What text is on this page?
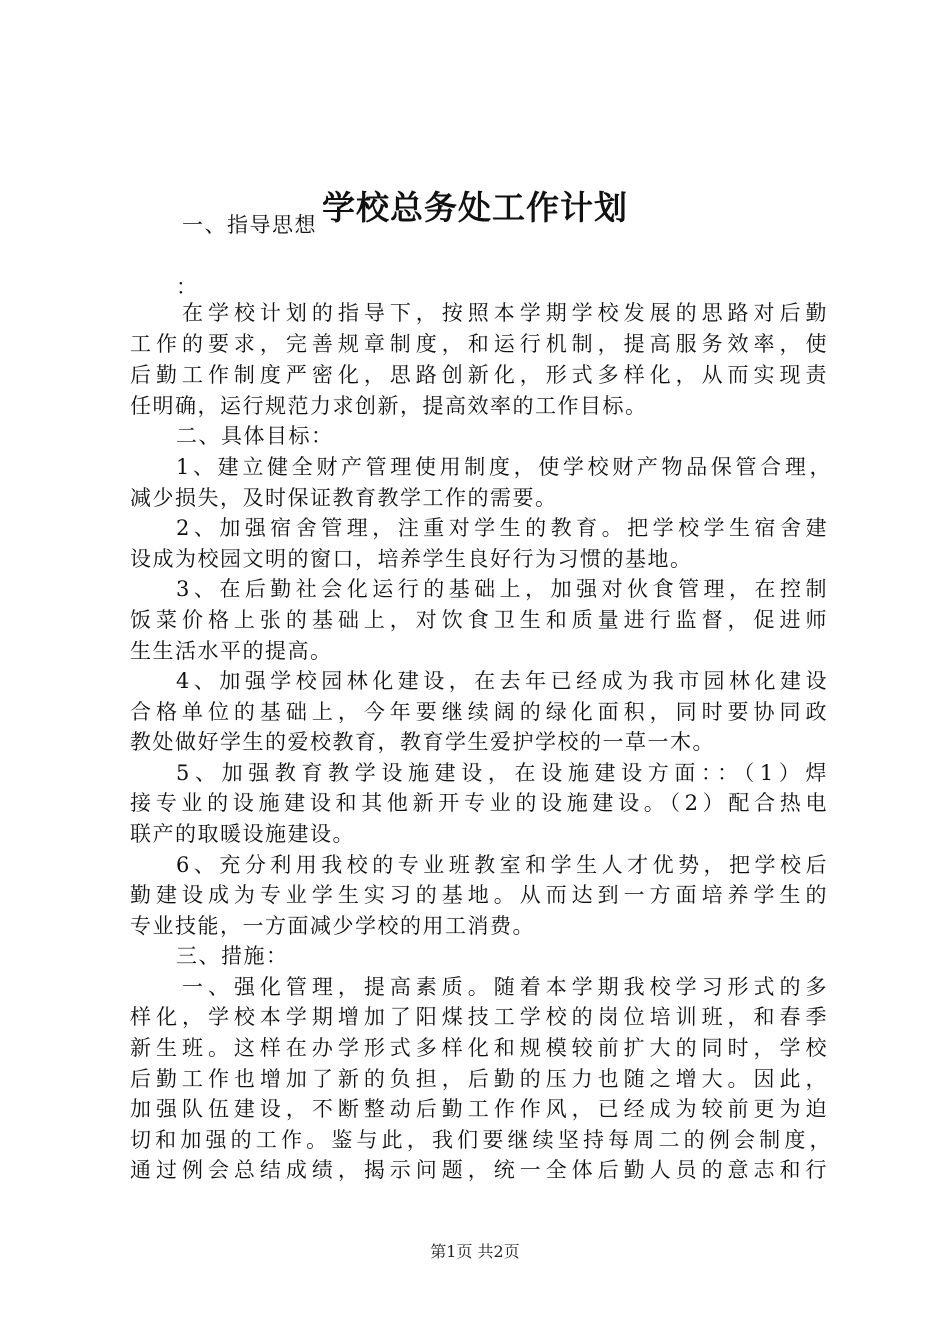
学校总务处工作计划
一、指导思想
：
在学校计划的指导下，按照本学期学校发展的思路对后勤
工作的要求，完善规章制度，和运行机制，提高服务效率，使
后勤工作制度严密化，思路创新化，形式多样化，从而实现责
任明确，运行规范力求创新，提高效率的工作目标。
二、具体目标：
1、建立健全财产管理使用制度，使学校财产物品保管合理，
减少损失，及时保证教育教学工作的需要。
2、加强宿舍管理，注重对学生的教育。把学校学生宿舍建
设成为校园文明的窗口，培养学生良好行为习惯的基地。
3、在后勤社会化运行的基础上，加强对伙食管理，在控制
饭菜价格上张的基础上，对饮食卫生和质量进行监督，促进师
生生活水平的提高。
4、加强学校园林化建设，在去年已经成为我市园林化建设
合格单位的基础上，今年要继续阔的绿化面积，同时要协同政
教处做好学生的爱校教育，教育学生爱护学校的一草一木。
5、加强教育教学设施建设，在设施建设方面：：（1）焊
接专业的设施建设和其他新开专业的设施建设。（2）配合热电
联产的取暖设施建设。
6、充分利用我校的专业班教室和学生人才优势，把学校后
勤建设成为专业学生实习的基地。从而达到一方面培养学生的
专业技能，一方面减少学校的用工消费。
三、措施：
一、强化管理，提高素质。随着本学期我校学习形式的多
样化，学校本学期增加了阳煤技工学校的岗位培训班，和春季
新生班。这样在办学形式多样化和规模较前扩大的同时，学校
后勤工作也增加了新的负担，后勤的压力也随之增大。因此，
加强队伍建设，不断整动后勤工作作风，已经成为较前更为迫
切和加强的工作。鉴与此，我们要继续坚持每周二的例会制度，
通过例会总结成绩，揭示问题，统一全体后勤人员的意志和行
第1页 共2页
